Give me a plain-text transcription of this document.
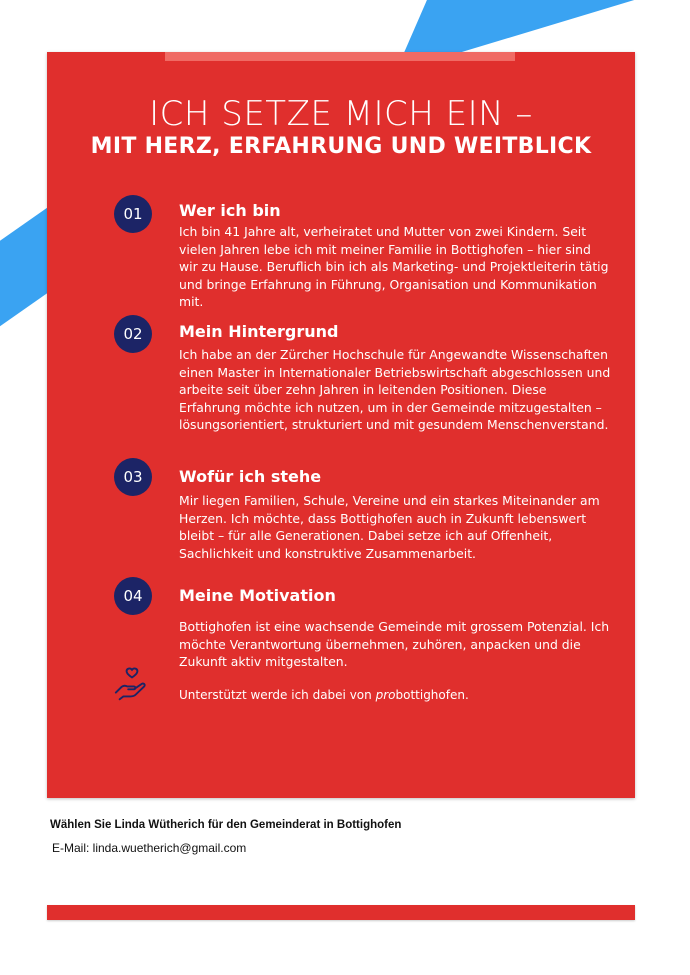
ICH SETZE MICH EIN –
MIT HERZ, ERFAHRUNG UND WEITBLICK
01	Wer ich bin
Ich bin 41 Jahre alt, verheiratet und Mutter von zwei Kindern. Seit vielen Jahren lebe ich mit meiner Familie in Bottighofen – hier sind wir zu Hause. Beruflich bin ich als Marketing- und Projektleiterin tätig und bringe Erfahrung in Führung, Organisation und Kommunikation mit.
02	Mein Hintergrund
Ich habe an der Zürcher Hochschule für Angewandte Wissenschaften einen Master in Internationaler Betriebswirtschaft abgeschlossen und arbeite seit über zehn Jahren in leitenden Positionen. Diese Erfahrung möchte ich nutzen, um in der Gemeinde mitzugestalten – lösungsorientiert, strukturiert und mit gesundem Menschenverstand.
03	Wofür ich stehe
Mir liegen Familien, Schule, Vereine und ein starkes Miteinander am Herzen. Ich möchte, dass Bottighofen auch in Zukunft lebenswert bleibt – für alle Generationen. Dabei setze ich auf Offenheit, Sachlichkeit und konstruktive Zusammenarbeit.
04	Meine Motivation
Bottighofen ist eine wachsende Gemeinde mit grossem Potenzial. Ich möchte Verantwortung übernehmen, zuhören, anpacken und die Zukunft aktiv mitgestalten.
Unterstützt werde ich dabei von probottighofen.
Wählen Sie Linda Wütherich für den Gemeinderat in Bottighofen
E-Mail: linda.wuetherich@gmail.com
